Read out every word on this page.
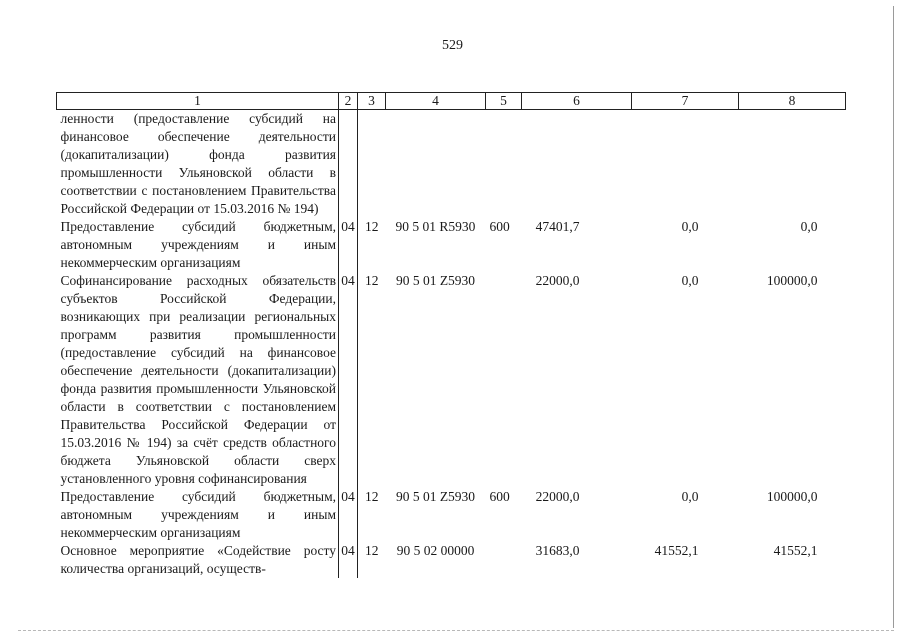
529
1	2	3	4	5	6	7	8
ленности (предоставление субсидий на финансовое обеспечение деятельности (докапитализации) фонда развития промышленности Ульяновской области в соответствии с постановлением Правительства Российской Федерации от 15.03.2016 № 194)							
Предоставление субсидий бюджетным, автономным учреждениям и иным некоммерческим организациям	04	12	90 5 01 R5930	600	47401,7	0,0	0,0
Софинансирование расходных обязательств субъектов Российской Федерации, возникающих при реализации региональных программ развития промышленности (предоставление субсидий на финансовое обеспечение деятельности (докапитализации) фонда развития промышленности Ульяновской области в соответствии с постановлением Правительства Российской Федерации от 15.03.2016 № 194) за счёт средств областного бюджета Ульяновской области сверх установленного уровня софинансирования	04	12	90 5 01 Z5930		22000,0	0,0	100000,0
Предоставление субсидий бюджетным, автономным учреждениям и иным некоммерческим организациям	04	12	90 5 01 Z5930	600	22000,0	0,0	100000,0
Основное мероприятие «Содействие росту количества организаций, осуществ-	04	12	90 5 02 00000		31683,0	41552,1	41552,1
